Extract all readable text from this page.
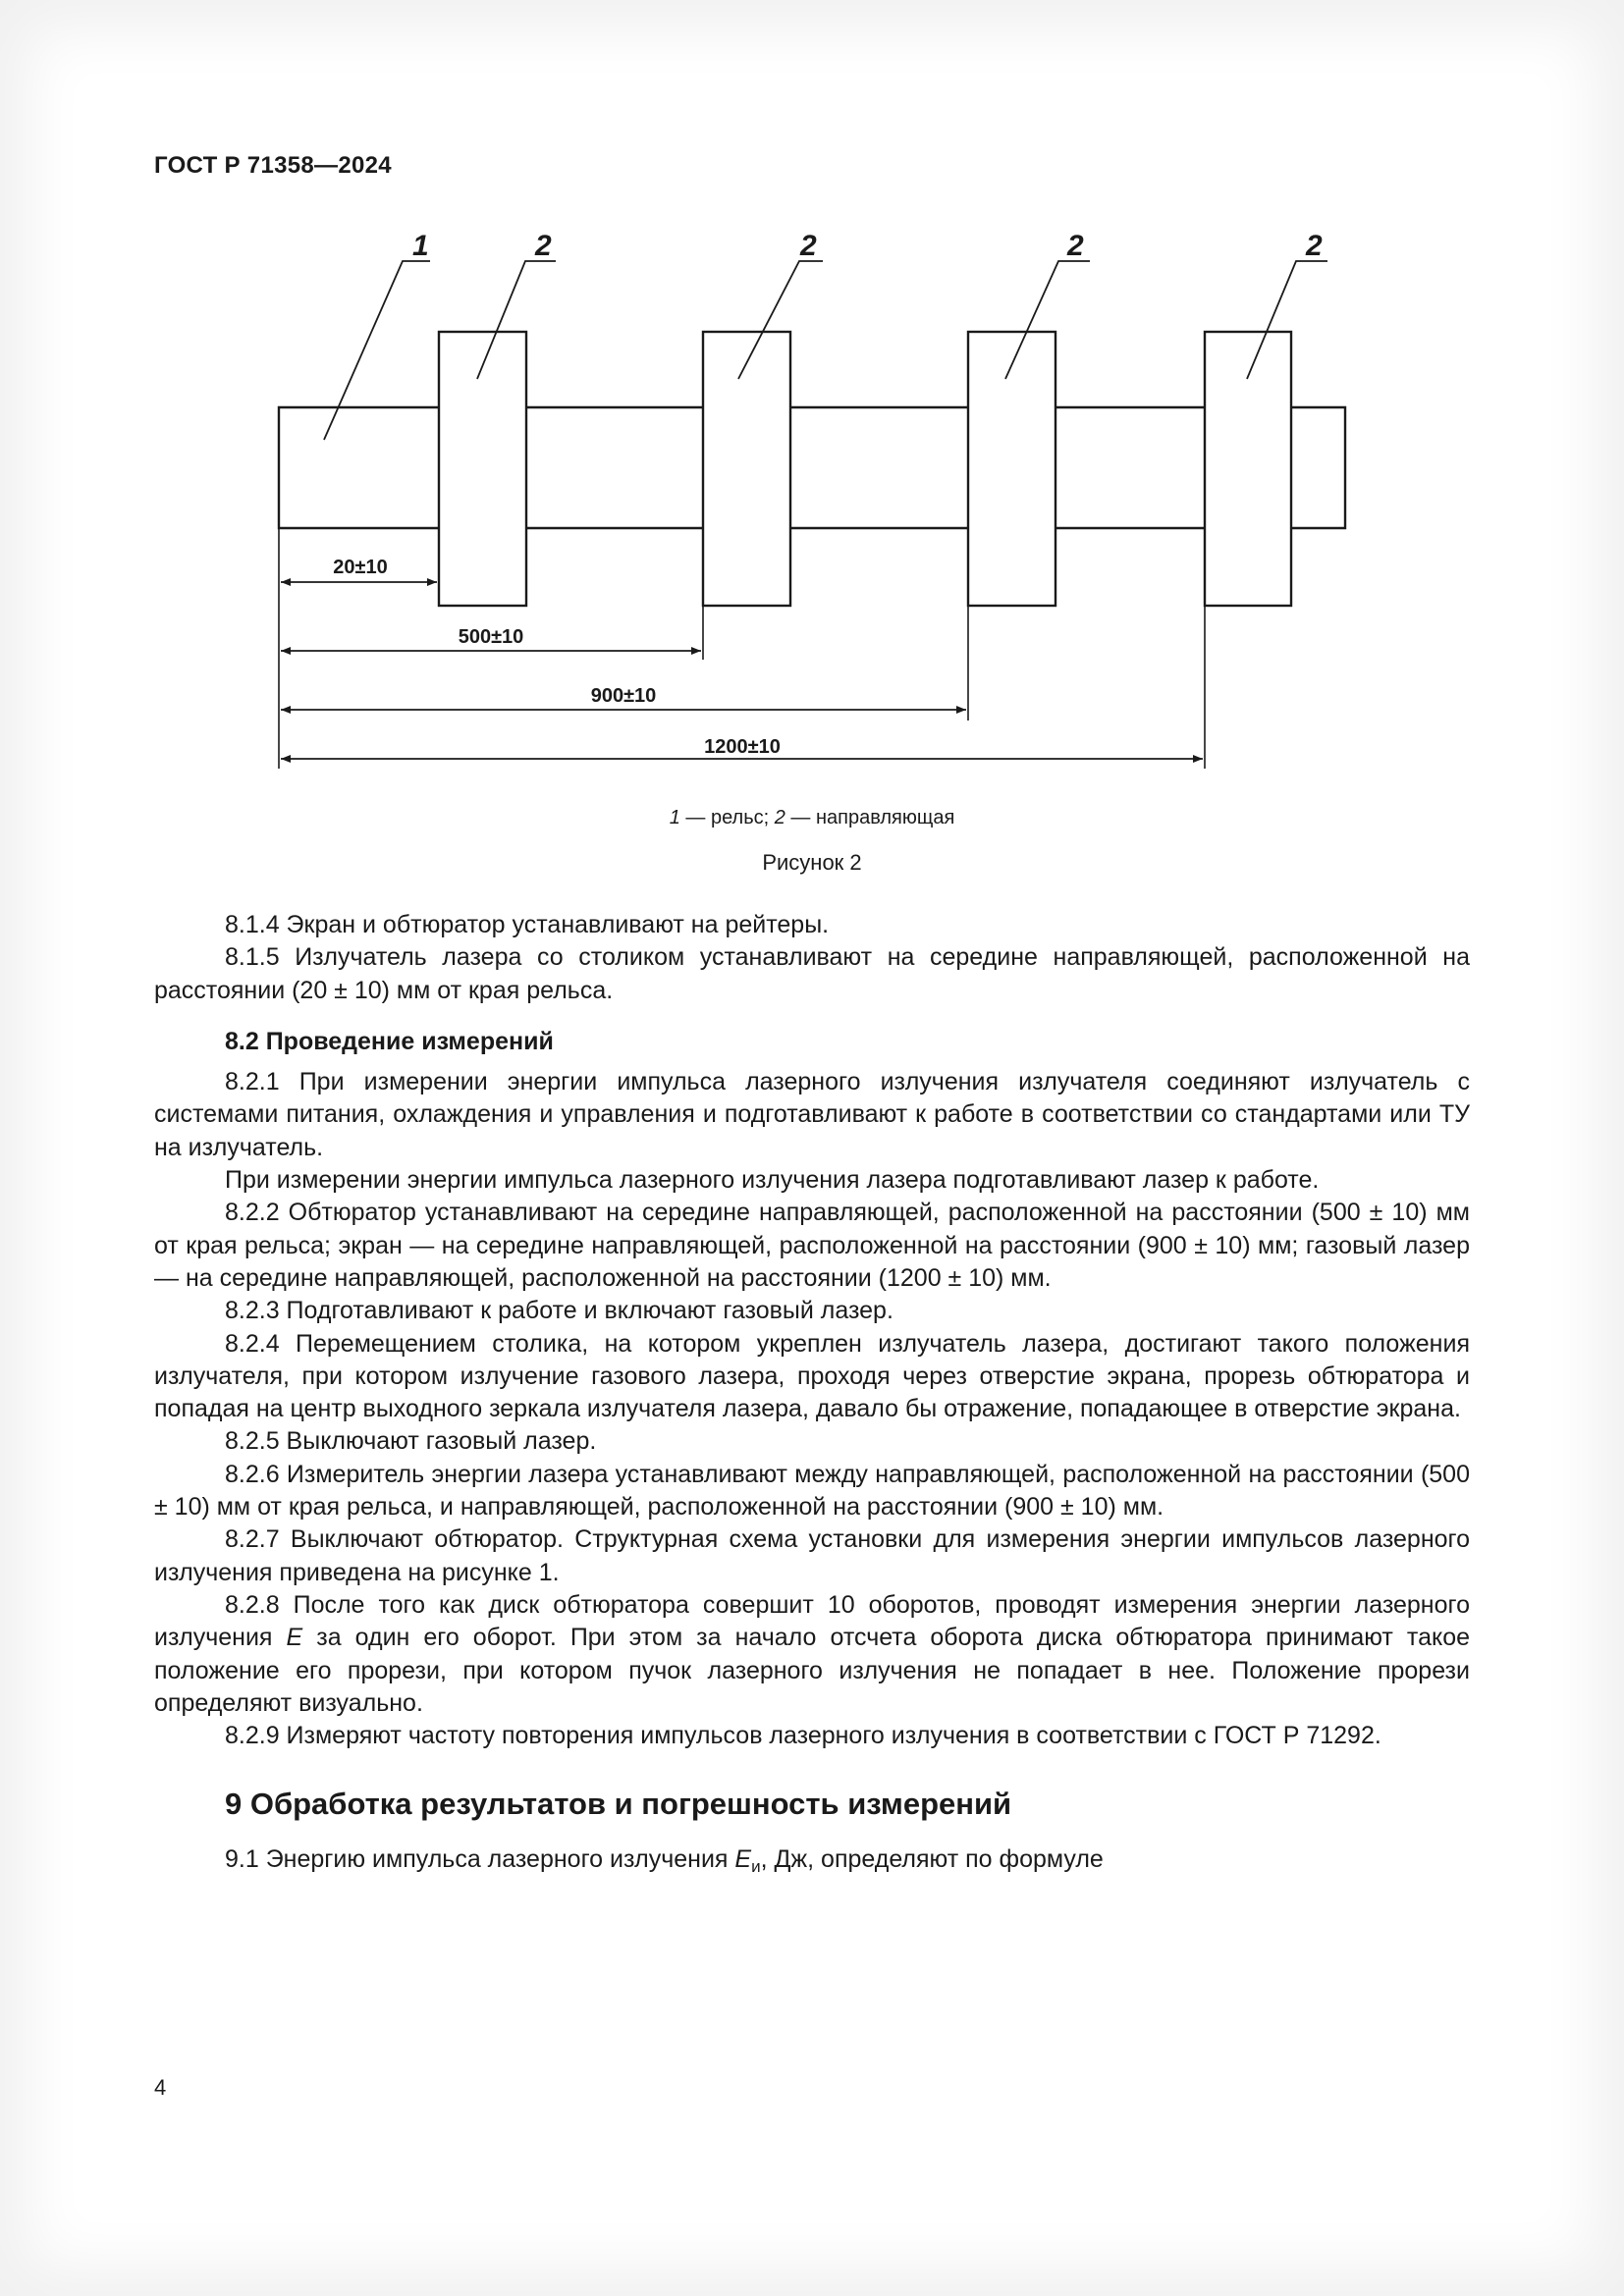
ГОСТ Р 71358—2024
1	2	2	2	2
20±10
500±10
900±10
1200±10
1 — рельс; 2 — направляющая
Рисунок 2

8.1.4 Экран и обтюратор устанавливают на рейтеры.

8.1.5 Излучатель лазера со столиком устанавливают на середине направляющей, расположенной на расстоянии (20 ± 10) мм от края рельса.

8.2 Проведение измерений

8.2.1 При измерении энергии импульса лазерного излучения излучателя соединяют излучатель с системами питания, охлаждения и управления и подготавливают к работе в соответствии со стандартами или ТУ на излучатель.

При измерении энергии импульса лазерного излучения лазера подготавливают лазер к работе.

8.2.2 Обтюратор устанавливают на середине направляющей, расположенной на расстоянии (500 ± 10) мм от края рельса; экран — на середине направляющей, расположенной на расстоянии (900 ± 10) мм; газовый лазер — на середине направляющей, расположенной на расстоянии (1200 ± 10) мм.

8.2.3 Подготавливают к работе и включают газовый лазер.

8.2.4 Перемещением столика, на котором укреплен излучатель лазера, достигают такого положения излучателя, при котором излучение газового лазера, проходя через отверстие экрана, прорезь обтюратора и попадая на центр выходного зеркала излучателя лазера, давало бы отражение, попадающее в отверстие экрана.

8.2.5 Выключают газовый лазер.

8.2.6 Измеритель энергии лазера устанавливают между направляющей, расположенной на расстоянии (500 ± 10) мм от края рельса, и направляющей, расположенной на расстоянии (900 ± 10) мм.

8.2.7 Выключают обтюратор. Структурная схема установки для измерения энергии импульсов лазерного излучения приведена на рисунке 1.

8.2.8 После того как диск обтюратора совершит 10 оборотов, проводят измерения энергии лазерного излучения E за один его оборот. При этом за начало отсчета оборота диска обтюратора принимают такое положение его прорези, при котором пучок лазерного излучения не попадает в нее. Положение прорези определяют визуально.

8.2.9 Измеряют частоту повторения импульсов лазерного излучения в соответствии с ГОСТ Р 71292.

9 Обработка результатов и погрешность измерений

9.1 Энергию импульса лазерного излучения $E_и$, Дж, определяют по формуле

4
